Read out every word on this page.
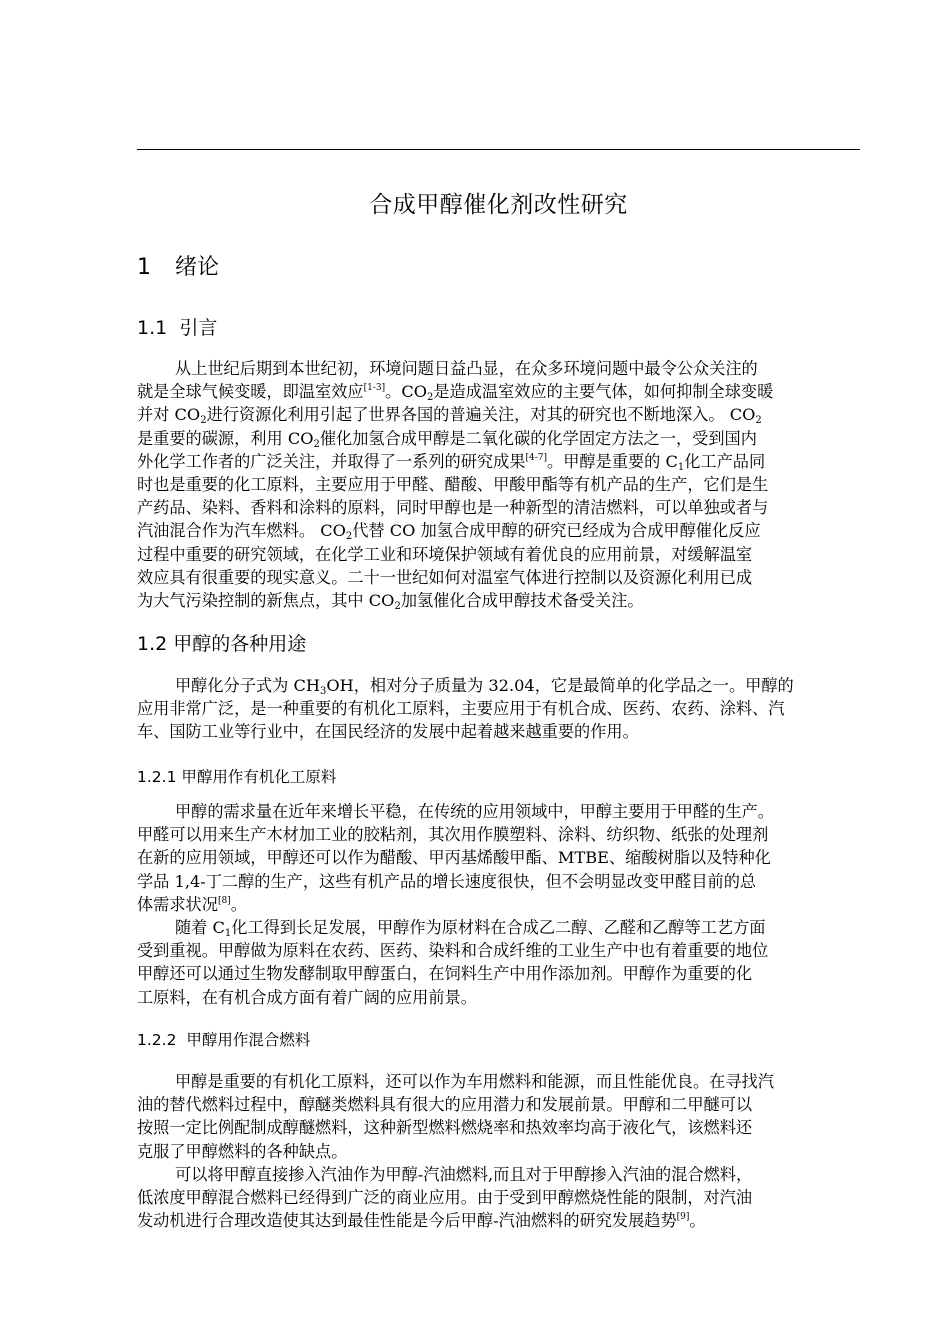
合成甲醇催化剂改性研究
1 绪论
1.1 引言
从上世纪后期到本世纪初，环境问题日益凸显，在众多环境问题中最令公众关注的
就是全球气候变暖，即温室效应[1-3]。$CO_2$是造成温室效应的主要气体，如何抑制全球变暖
并对 $CO_2$进行资源化利用引起了世界各国的普遍关注，对其的研究也不断地深入。 $CO_2$
是重要的碳源，利用 $CO_2$催化加氢合成甲醇是二氧化碳的化学固定方法之一，受到国内
外化学工作者的广泛关注，并取得了一系列的研究成果[4-7]。甲醇是重要的 $C_1$化工产品同
时也是重要的化工原料，主要应用于甲醛、醋酸、甲酸甲酯等有机产品的生产，它们是生
产药品、染料、香料和涂料的原料，同时甲醇也是一种新型的清洁燃料，可以单独或者与
汽油混合作为汽车燃料。 $CO_2$代替 CO 加氢合成甲醇的研究已经成为合成甲醇催化反应
过程中重要的研究领域，在化学工业和环境保护领域有着优良的应用前景，对缓解温室
效应具有很重要的现实意义。二十一世纪如何对温室气体进行控制以及资源化利用已成
为大气污染控制的新焦点，其中 $CO_2$加氢催化合成甲醇技术备受关注。
1.2 甲醇的各种用途
甲醇化分子式为 $CH_3OH$，相对分子质量为 32.04，它是最简单的化学品之一。甲醇的
应用非常广泛，是一种重要的有机化工原料，主要应用于有机合成、医药、农药、涂料、汽
车、国防工业等行业中，在国民经济的发展中起着越来越重要的作用。
1.2.1 甲醇用作有机化工原料
甲醇的需求量在近年来增长平稳，在传统的应用领域中，甲醇主要用于甲醛的生产。
甲醛可以用来生产木材加工业的胶粘剂，其次用作膜塑料、涂料、纺织物、纸张的处理剂
在新的应用领域，甲醇还可以作为醋酸、甲丙基烯酸甲酯、MTBE、缩酸树脂以及特种化
学品 1,4-丁二醇的生产，这些有机产品的增长速度很快，但不会明显改变甲醛目前的总
体需求状况[8]。
随着 $C_1$化工得到长足发展，甲醇作为原材料在合成乙二醇、乙醛和乙醇等工艺方面
受到重视。甲醇做为原料在农药、医药、染料和合成纤维的工业生产中也有着重要的地位
甲醇还可以通过生物发酵制取甲醇蛋白，在饲料生产中用作添加剂。甲醇作为重要的化
工原料，在有机合成方面有着广阔的应用前景。
1.2.2 甲醇用作混合燃料
甲醇是重要的有机化工原料，还可以作为车用燃料和能源，而且性能优良。在寻找汽
油的替代燃料过程中，醇醚类燃料具有很大的应用潜力和发展前景。甲醇和二甲醚可以
按照一定比例配制成醇醚燃料，这种新型燃料燃烧率和热效率均高于液化气，该燃料还
克服了甲醇燃料的各种缺点。
可以将甲醇直接掺入汽油作为甲醇-汽油燃料,而且对于甲醇掺入汽油的混合燃料，
低浓度甲醇混合燃料已经得到广泛的商业应用。由于受到甲醇燃烧性能的限制，对汽油
发动机进行合理改造使其达到最佳性能是今后甲醇-汽油燃料的研究发展趋势[9]。
